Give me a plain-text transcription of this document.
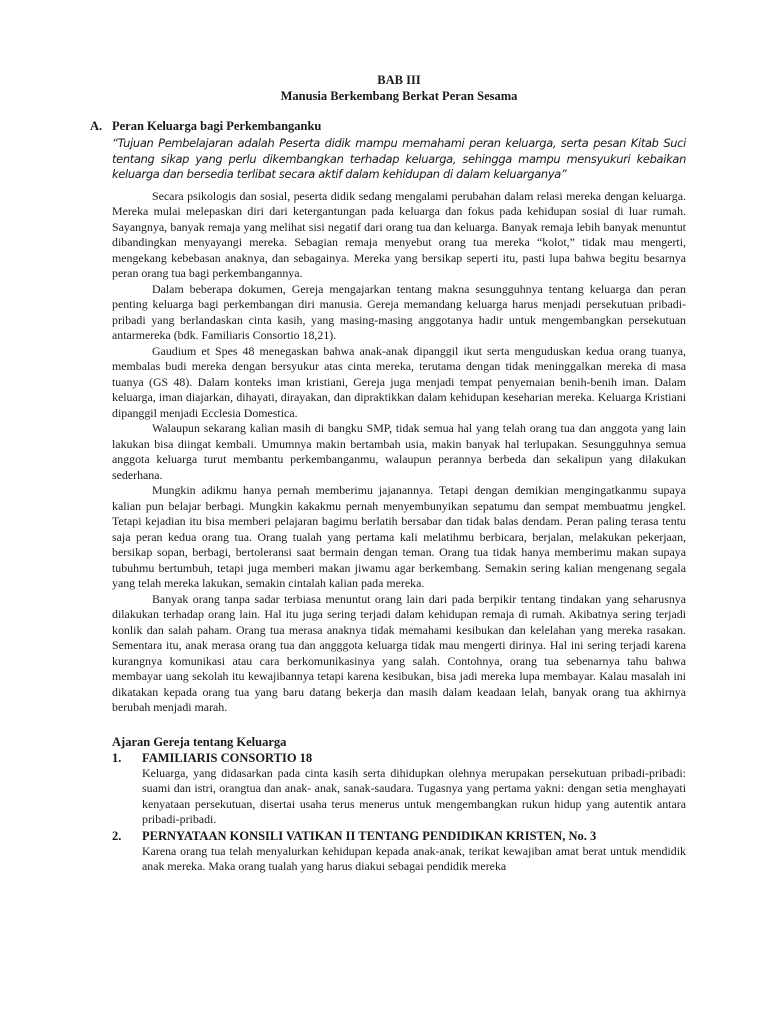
BAB III

Manusia Berkembang Berkat Peran Sesama

A. Peran Keluarga bagi Perkembanganku

“Tujuan Pembelajaran adalah Peserta didik mampu memahami peran keluarga, serta pesan Kitab Suci tentang sikap yang perlu dikembangkan terhadap keluarga, sehingga mampu mensyukuri kebaikan keluarga dan bersedia terlibat secara aktif dalam kehidupan di dalam keluarganya”

Secara psikologis dan sosial, peserta didik sedang mengalami perubahan dalam relasi mereka dengan keluarga. Mereka mulai melepaskan diri dari ketergantungan pada keluarga dan fokus pada kehidupan sosial di luar rumah. Sayangnya, banyak remaja yang melihat sisi negatif dari orang tua dan keluarga. Banyak remaja lebih banyak menuntut dibandingkan menyayangi mereka. Sebagian remaja menyebut orang tua mereka “kolot,” tidak mau mengerti, mengekang kebebasan anaknya, dan sebagainya. Mereka yang bersikap seperti itu, pasti lupa bahwa begitu besarnya peran orang tua bagi perkembangannya.

Dalam beberapa dokumen, Gereja mengajarkan tentang makna sesungguhnya tentang keluarga dan peran penting keluarga bagi perkembangan diri manusia. Gereja memandang keluarga harus menjadi persekutuan pribadi-pribadi yang berlandaskan cinta kasih, yang masing-masing anggotanya hadir untuk mengembangkan persekutuan antarmereka (bdk. Familiaris Consortio 18,21).

Gaudium et Spes 48 menegaskan bahwa anak-anak dipanggil ikut serta menguduskan kedua orang tuanya, membalas budi mereka dengan bersyukur atas cinta mereka, terutama dengan tidak meninggalkan mereka di masa tuanya (GS 48). Dalam konteks iman kristiani, Gereja juga menjadi tempat penyemaian benih-benih iman. Dalam keluarga, iman diajarkan, dihayati, dirayakan, dan dipraktikkan dalam kehidupan keseharian mereka. Keluarga Kristiani dipanggil menjadi Ecclesia Domestica.

Walaupun sekarang kalian masih di bangku SMP, tidak semua hal yang telah orang tua dan anggota yang lain lakukan bisa diingat kembali. Umumnya makin bertambah usia, makin banyak hal terlupakan. Sesungguhnya semua anggota keluarga turut membantu perkembanganmu, walaupun perannya berbeda dan sekalipun yang dilakukan sederhana.

Mungkin adikmu hanya pernah memberimu jajanannya. Tetapi dengan demikian mengingatkanmu supaya kalian pun belajar berbagi. Mungkin kakakmu pernah menyembunyikan sepatumu dan sempat membuatmu jengkel. Tetapi kejadian itu bisa memberi pelajaran bagimu berlatih bersabar dan tidak balas dendam. Peran paling terasa tentu saja peran kedua orang tua. Orang tualah yang pertama kali melatihmu berbicara, berjalan, melakukan pekerjaan, bersikap sopan, berbagi, bertoleransi saat bermain dengan teman. Orang tua tidak hanya memberimu makan supaya tubuhmu bertumbuh, tetapi juga memberi makan jiwamu agar berkembang. Semakin sering kalian mengenang segala yang telah mereka lakukan, semakin cintalah kalian pada mereka.

Banyak orang tanpa sadar terbiasa menuntut orang lain dari pada berpikir tentang tindakan yang seharusnya dilakukan terhadap orang lain. Hal itu juga sering terjadi dalam kehidupan remaja di rumah. Akibatnya sering terjadi konlik dan salah paham. Orang tua merasa anaknya tidak memahami kesibukan dan kelelahan yang mereka rasakan. Sementara itu, anak merasa orang tua dan angggota keluarga tidak mau mengerti dirinya. Hal ini sering terjadi karena kurangnya komunikasi atau cara berkomunikasinya yang salah. Contohnya, orang tua sebenarnya tahu bahwa membayar uang sekolah itu kewajibannya tetapi karena kesibukan, bisa jadi mereka lupa membayar. Kalau masalah ini dikatakan kepada orang tua yang baru datang bekerja dan masih dalam keadaan lelah, banyak orang tua akhirnya berubah menjadi marah.

Ajaran Gereja tentang Keluarga

1.	FAMILIARIS CONSORTIO 18

Keluarga, yang didasarkan pada cinta kasih serta dihidupkan olehnya merupakan persekutuan pribadi-pribadi: suami dan istri, orangtua dan anak- anak, sanak-saudara. Tugasnya yang pertama yakni: dengan setia menghayati kenyataan persekutuan, disertai usaha terus menerus untuk mengembangkan rukun hidup yang autentik antara pribadi-pribadi.

2.	PERNYATAAN KONSILI VATIKAN II TENTANG PENDIDIKAN KRISTEN, No. 3

Karena orang tua telah menyalurkan kehidupan kepada anak-anak, terikat kewajiban amat berat untuk mendidik anak mereka. Maka orang tualah yang harus diakui sebagai pendidik mereka
